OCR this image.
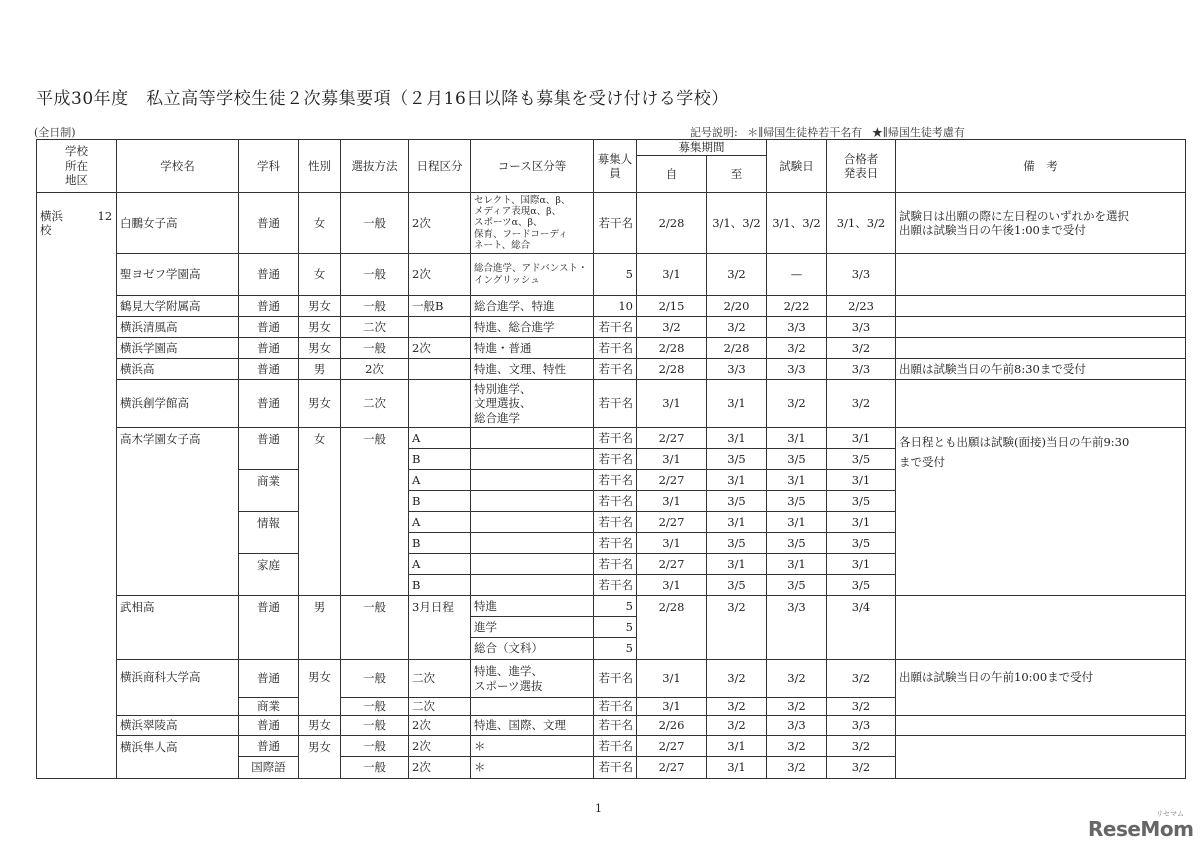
平成30年度　私立高等学校生徒２次募集要項（２月16日以降も募集を受け付ける学校）
(全日制)	記号説明: ＊∥帰国生徒枠若干名有 ★∥帰国生徒考慮有
学校
所在
地区	学校名	学科	性別	選抜方法	日程区分	コース区分等	募集人員	募集期間		試験日	合格者
発表日	備　考
								自	至			
横浜　　　12校	白鵬女子高	普通	女	一般	2次	セレクト、国際α、β、
メディア表現α、β、
スポーツα、β、
保育、フードコーディ
ネート、総合	若干名	2/28	3/1、3/2	3/1、3/2	3/1、3/2	試験日は出願の際に左日程のいずれかを選択
出願は試験当日の午後1:00まで受付
	聖ヨゼフ学園高	普通	女	一般	2次	総合進学、アドバンスト・
イングリッシュ	5	3/1	3/2	—	3/3	
	鶴見大学附属高	普通	男女	一般	一般B	総合進学、特進	10	2/15	2/20	2/22	2/23	
	横浜清風高	普通	男女	二次		特進、総合進学	若干名	3/2	3/2	3/3	3/3	
	横浜学園高	普通	男女	一般	2次	特進・普通	若干名	2/28	2/28	3/2	3/2	
	横浜高	普通	男	2次		特進、文理、特性	若干名	2/28	3/3	3/3	3/3	出願は試験当日の午前8:30まで受付
	横浜創学館高	普通	男女	二次		特別進学、
文理選抜、
総合進学	若干名	3/1	3/1	3/2	3/2	
	高木学園女子高	普通	女	一般	A		若干名	2/27	3/1	3/1	3/1	各日程とも出願は試験(面接)当日の午前9:30
まで受付
					B		若干名	3/1	3/5	3/5	3/5	
		商業			A		若干名	2/27	3/1	3/1	3/1	
					B		若干名	3/1	3/5	3/5	3/5	
		情報			A		若干名	2/27	3/1	3/1	3/1	
					B		若干名	3/1	3/5	3/5	3/5	
		家庭			A		若干名	2/27	3/1	3/1	3/1	
					B		若干名	3/1	3/5	3/5	3/5	
	武相高	普通	男	一般	3月日程	特進	5	2/28	3/2	3/3	3/4	
						進学	5					
						総合（文科）	5					
	横浜商科大学高	普通	男女	一般	二次	特進、進学、
スポーツ選抜	若干名	3/1	3/2	3/2	3/2	出願は試験当日の午前10:00まで受付
		商業		一般	二次		若干名	3/1	3/2	3/2	3/2	
	横浜翠陵高	普通	男女	一般	2次	特進、国際、文理	若干名	2/26	3/2	3/3	3/3	
	横浜隼人高	普通	男女	一般	2次	＊	若干名	2/27	3/1	3/2	3/2	
		国際語		一般	2次	＊	若干名	2/27	3/1	3/2	3/2	
1	リセマム
ReseMom
